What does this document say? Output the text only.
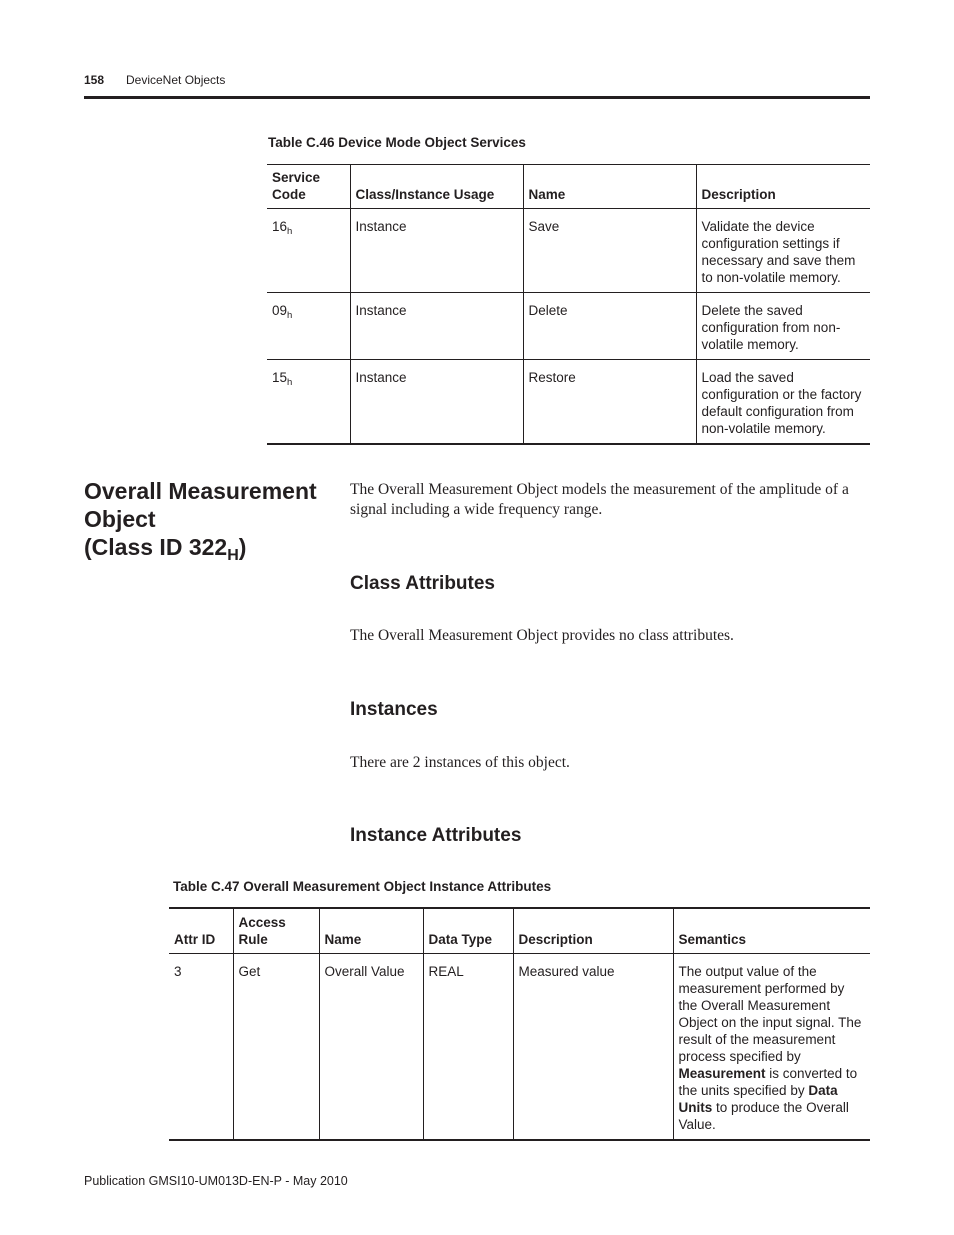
158 DeviceNet Objects
Table C.46 Device Mode Object Services
Service Code	Class/Instance Usage	Name	Description
$16_h$	Instance	Save	Validate the device configuration settings if necessary and save them to non-volatile memory.
$09_h$	Instance	Delete	Delete the saved configuration from non-volatile memory.
$15_h$	Instance	Restore	Load the saved configuration or the factory default configuration from non-volatile memory.
Overall Measurement Object
(Class ID $322_H$)
The Overall Measurement Object models the measurement of the amplitude of a signal including a wide frequency range.
Class Attributes
The Overall Measurement Object provides no class attributes.
Instances
There are 2 instances of this object.
Instance Attributes
Table C.47 Overall Measurement Object Instance Attributes
Attr ID	Access Rule	Name	Data Type	Description	Semantics
3	Get	Overall Value	REAL	Measured value	The output value of the measurement performed by the Overall Measurement Object on the input signal. The result of the measurement process specified by Measurement is converted to the units specified by Data Units to produce the Overall Value.
Publication GMSI10-UM013D-EN-P - May 2010
